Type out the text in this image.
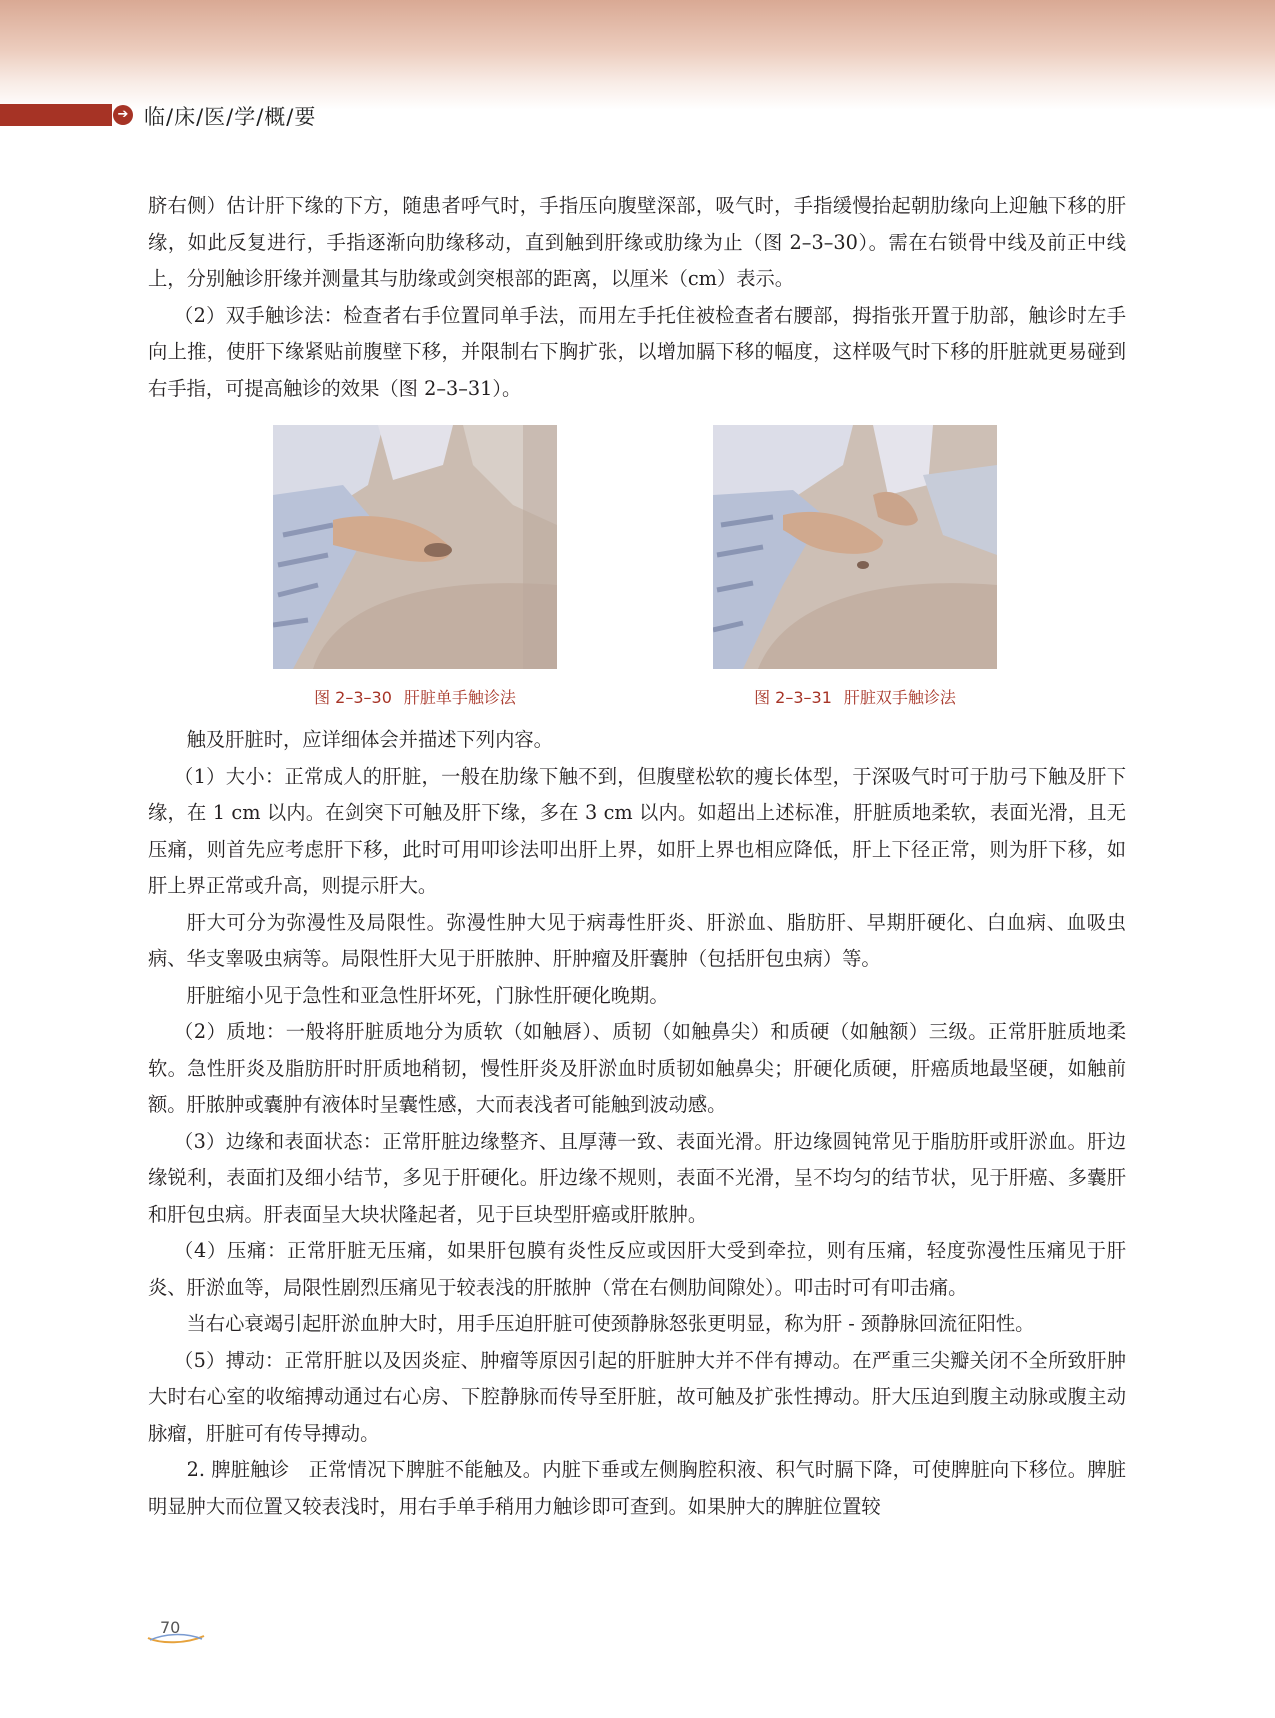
➔ 临/床/医/学/概/要

脐右侧）估计肝下缘的下方，随患者呼气时，手指压向腹壁深部，吸气时，手指缓慢抬起朝肋缘向上迎触下移的肝缘，如此反复进行，手指逐渐向肋缘移动，直到触到肝缘或肋缘为止（图 2–3–30）。需在右锁骨中线及前正中线上，分别触诊肝缘并测量其与肋缘或剑突根部的距离，以厘米（cm）表示。

（2）双手触诊法：检查者右手位置同单手法，而用左手托住被检查者右腰部，拇指张开置于肋部，触诊时左手向上推，使肝下缘紧贴前腹壁下移，并限制右下胸扩张，以增加膈下移的幅度，这样吸气时下移的肝脏就更易碰到右手指，可提高触诊的效果（图 2–3–31）。

图 2–3–30 肝脏单手触诊法	图 2–3–31 肝脏双手触诊法

触及肝脏时，应详细体会并描述下列内容。

（1）大小：正常成人的肝脏，一般在肋缘下触不到，但腹壁松软的瘦长体型，于深吸气时可于肋弓下触及肝下缘，在 1 cm 以内。在剑突下可触及肝下缘，多在 3 cm 以内。如超出上述标准，肝脏质地柔软，表面光滑，且无压痛，则首先应考虑肝下移，此时可用叩诊法叩出肝上界，如肝上界也相应降低，肝上下径正常，则为肝下移，如肝上界正常或升高，则提示肝大。

肝大可分为弥漫性及局限性。弥漫性肿大见于病毒性肝炎、肝淤血、脂肪肝、早期肝硬化、白血病、血吸虫病、华支睾吸虫病等。局限性肝大见于肝脓肿、肝肿瘤及肝囊肿（包括肝包虫病）等。

肝脏缩小见于急性和亚急性肝坏死，门脉性肝硬化晚期。

（2）质地：一般将肝脏质地分为质软（如触唇）、质韧（如触鼻尖）和质硬（如触额）三级。正常肝脏质地柔软。急性肝炎及脂肪肝时肝质地稍韧，慢性肝炎及肝淤血时质韧如触鼻尖；肝硬化质硬，肝癌质地最坚硬，如触前额。肝脓肿或囊肿有液体时呈囊性感，大而表浅者可能触到波动感。

（3）边缘和表面状态：正常肝脏边缘整齐、且厚薄一致、表面光滑。肝边缘圆钝常见于脂肪肝或肝淤血。肝边缘锐利，表面扪及细小结节，多见于肝硬化。肝边缘不规则，表面不光滑，呈不均匀的结节状，见于肝癌、多囊肝和肝包虫病。肝表面呈大块状隆起者，见于巨块型肝癌或肝脓肿。

（4）压痛：正常肝脏无压痛，如果肝包膜有炎性反应或因肝大受到牵拉，则有压痛，轻度弥漫性压痛见于肝炎、肝淤血等，局限性剧烈压痛见于较表浅的肝脓肿（常在右侧肋间隙处）。叩击时可有叩击痛。

当右心衰竭引起肝淤血肿大时，用手压迫肝脏可使颈静脉怒张更明显，称为肝 - 颈静脉回流征阳性。

（5）搏动：正常肝脏以及因炎症、肿瘤等原因引起的肝脏肿大并不伴有搏动。在严重三尖瓣关闭不全所致肝肿大时右心室的收缩搏动通过右心房、下腔静脉而传导至肝脏，故可触及扩张性搏动。肝大压迫到腹主动脉或腹主动脉瘤，肝脏可有传导搏动。

2. 脾脏触诊　正常情况下脾脏不能触及。内脏下垂或左侧胸腔积液、积气时膈下降，可使脾脏向下移位。脾脏明显肿大而位置又较表浅时，用右手单手稍用力触诊即可查到。如果肿大的脾脏位置较

70
